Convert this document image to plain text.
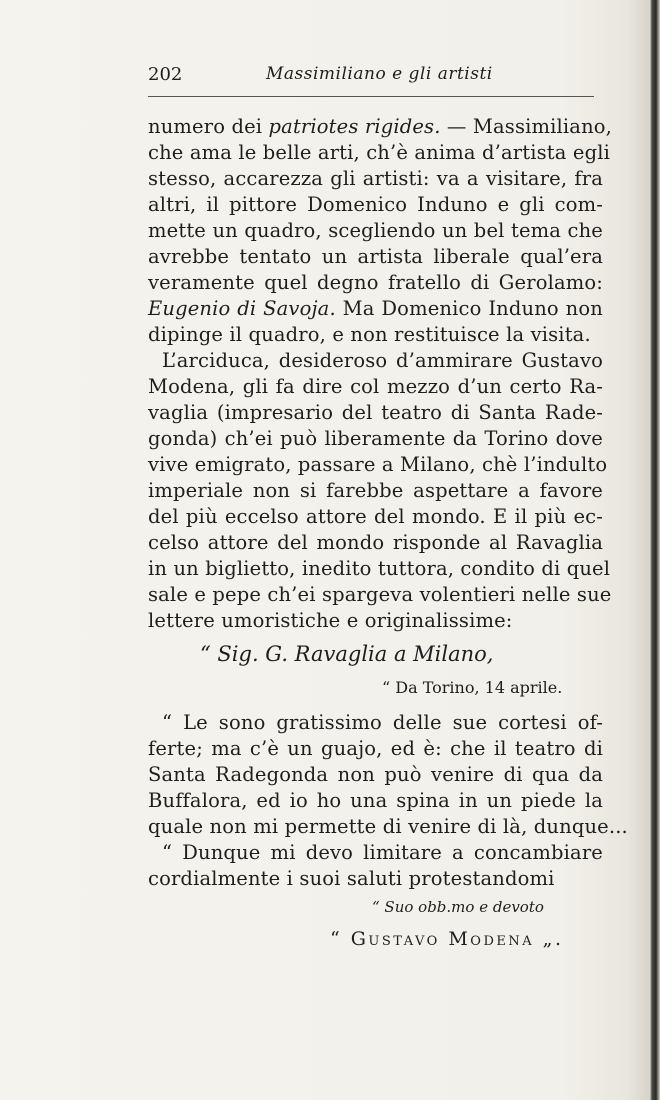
202	Massimiliano e gli artisti
numero dei patriotes rigides. — Massimiliano,
che ama le belle arti, ch’è anima d’artista egli
stesso, accarezza gli artisti: va a visitare, fra
altri, il pittore Domenico Induno e gli com-
mette un quadro, scegliendo un bel tema che
avrebbe tentato un artista liberale qual’era
veramente quel degno fratello di Gerolamo:
Eugenio di Savoja. Ma Domenico Induno non
dipinge il quadro, e non restituisce la visita.
L’arciduca, desideroso d’ammirare Gustavo
Modena, gli fa dire col mezzo d’un certo Ra-
vaglia (impresario del teatro di Santa Rade-
gonda) ch’ei può liberamente da Torino dove
vive emigrato, passare a Milano, chè l’indulto
imperiale non si farebbe aspettare a favore
del più eccelso attore del mondo. E il più ec-
celso attore del mondo risponde al Ravaglia
in un biglietto, inedito tuttora, condito di quel
sale e pepe ch’ei spargeva volentieri nelle sue
lettere umoristiche e originalissime:
“ Sig. G. Ravaglia a Milano,
“ Da Torino, 14 aprile.
“ Le sono gratissimo delle sue cortesi of-
ferte; ma c’è un guajo, ed è: che il teatro di
Santa Radegonda non può venire di qua da
Buffalora, ed io ho una spina in un piede la
quale non mi permette di venire di là, dunque...
“ Dunque mi devo limitare a concambiare
cordialmente i suoi saluti protestandomi
“ Suo obb.mo e devoto
“ Gustavo Modena „.
